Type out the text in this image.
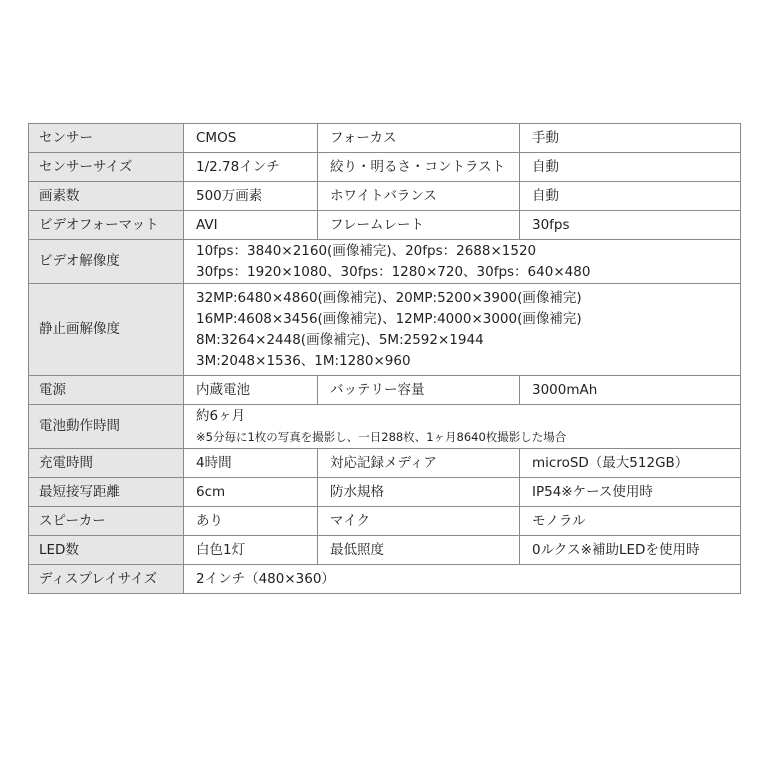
センサー	CMOS	フォーカス	手動
センサーサイズ	1/2.78インチ	絞り・明るさ・コントラスト	自動
画素数	500万画素	ホワイトバランス	自動
ビデオフォーマット	AVI	フレームレート	30fps
ビデオ解像度	10fps：3840×2160(画像補完)、20fps：2688×1520
30fps：1920×1080、30fps：1280×720、30fps：640×480		

静止画解像度	32MP:6480×4860(画像補完)、20MP:5200×3900(画像補完)
16MP:4608×3456(画像補完)、12MP:4000×3000(画像補完)
8M:3264×2448(画像補完)、5M:2592×1944
3M:2048×1536、1M:1280×960		

電源	内蔵電池	バッテリー容量	3000mAh
電池動作時間	約6ヶ月
※5分毎に1枚の写真を撮影し、一日288枚、1ヶ月8640枚撮影した場合		

充電時間	4時間	対応記録メディア	microSD（最大512GB）
最短接写距離	6cm	防水規格	IP54※ケース使用時
スピーカー	あり	マイク	モノラル
LED数	白色1灯	最低照度	0ルクス※補助LEDを使用時
ディスプレイサイズ	2インチ（480×360）		
